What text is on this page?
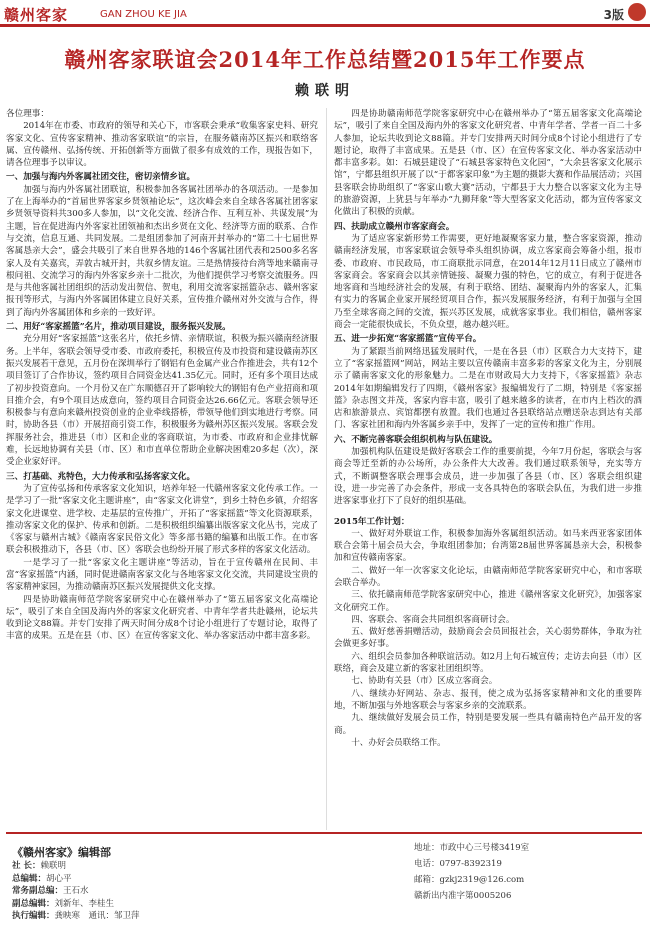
赣州客家	GAN ZHOU KE JIA	3版
赣州客家联谊会2014年工作总结暨2015年工作要点
赖联明

各位理事：

2014年在市委、市政府的领导和关心下，市客联会秉承“收集客家史料、研究客家文化、宣传客家精神、推动客家联谊”的宗旨，在服务赣南苏区振兴和联络客属、宣传赣州、弘扬传统、开拓创新等方面做了很多有成效的工作，现报告如下，请各位理事予以审议。

一、加强与海内外客属社团交往，密切亲情乡谊。

加强与海内外客属社团联谊，积极参加各客属社团举办的各项活动。一是参加了在上海举办的“首届世界客家乡贤领袖论坛”，这次峰会来自全球各客属社团客家乡贤领导资料共300多人参加，以“文化交流、经济合作、互利互补、共谋发展”为主题，旨在促进海内外客家社团领袖和杰出乡贤在文化、经济等方面的联系、合作与交流，信息互通、共同发展。二是组团参加了河南开封举办的“第二十七届世界客属恳亲大会”，盛会共吸引了来自世界各地的146个客属社团代表和2500多名客家人及有关嘉宾，弄敦古城开封，共叙乡情友谊。三是热情接待台湾等地来赣南寻根问祖、交流学习的海内外客家乡亲十二批次，为他们提供学习考察交流服务。四是与共他客属社团组织的活动发出贺信、贺电，利用交流客家摇篮杂志、赣州客家报刊等形式，与海内外客属团体建立良好关系，宣传推介赣州对外交流与合作，得到了海内外客属团体和乡亲的一致好评。

二、用好“客家摇篮”名片，推动项目建设，服务振兴发展。

充分用好“客家摇篮”这张名片，依托乡情、亲情联谊，积极为振兴赣南经济服务。上半年，客联会领导受市委、市政府委托，积极宣传及市投资和建设赣南苏区振兴发展若干意见，五月份在深圳举行了钢铝有色金属产业合作推进会，共有12个项目签订了合作协议，签约项目合同资金达41.35亿元。同时，还有多个项目达成了初步投资意向。一个月份又在广东顺德召开了影响较大的钢铝有色产业招商和项目推介会，有9个项目达成意向，签约项目合同资金达26.66亿元。客联会领导还积极参与有意向来赣州投资创业的企业牵线搭桥，带领导他们到实地进行考察。同时，协助各县（市）开展招商引资工作，积极服务为赣州苏区振兴发展。客联会发挥服务社会，推进县（市）区和企业的客商联谊，为市委、市政府和企业排忧解难，长远地协调有关县（市、区）和市直单位帮助企业解决困难20多起（次），深受企业家好评。

三、打基础、兆特色，大力传承和弘扬客家文化。

为了宣传弘扬和传承客家文化知识，培养年轻一代赣州客家文化传承工作。一是学习了一批“客家文化主题讲座”，由“客家文化讲堂”，到乡土特色乡镇，介绍客家文化进课堂、进学校、走基层的宣传推广，开拓了“客家摇篮”等文化资源联系，推动客家文化的保护、传承和创新。二是积极组织编纂出版客家文化丛书，完成了《客家与赣州古城》《赣南客家民俗文化》等多部书籍的编纂和出版工作。在市客联会积极推动下，各县（市、区）客联会也纷纷开展了形式多样的客家文化活动。

一是学习了一批“客家文化主题讲座”等活动，旨在于宣传赣州在民间、丰富“客家摇篮”内涵，同时促进赣南客家文化与各地客家文化交流，共同建设宝贵的客家精神家园，为推动赣南苏区振兴发展提供文化支撑。

四是协助赣南师范学院客家研究中心在赣州举办了“第五届客家文化高端论坛”，吸引了来自全国及海内外的客家文化研究者、中青年学者共赴赣州，论坛共收到论文88篇。并专门安排了两天时间分成8个讨论小组进行了专题讨论，取得了丰富的成果。五是在县（市、区）在宣传客家文化、举办客家活动中都丰富多彩。

四是协助赣南师范学院客家研究中心在赣州举办了“第五届客家文化高端论坛”，吸引了来自全国及海内外的客家文化研究者、中青年学者、学者一百二十多人参加，论坛共收到论文88篇。并专门安排两天时间分成8个讨论小组进行了专题讨论，取得了丰富成果。五是县（市、区）在宣传客家文化、举办客家活动中都丰富多彩。如：石城县建设了“石城县客家特色文化园”，“大余县客家文化展示馆”，宁都县组织开展了以“于都客家印象”为主题的摄影大赛和作品展活动；兴国县客联会协助组织了“客家山歌大赛”活动，宁都县于大力整合以客家文化为主导的旅游资源，上犹县与年举办“九狮拜象”等大型客家文化活动，都为宣传客家文化做出了积极的贡献。

四、扶助成立赣州市客家商会。

为了适应客家新形势工作需要，更好地凝聚客家力量，整合客家资源，推动赣南经济发展，市客家联谊会领导牵头组织协调，成立客家商会筹备小组，报市委、市政府、市民政局，市工商联批示同意，在2014年12月11日成立了赣州市客家商会。客家商会以其亲情链接、凝聚力强的特色，它的成立，有利于促进各地客商和当地经济社会的发展，有利于联络、团结、凝聚海内外的客家人，汇集有实力的客属企业家开展经贸项目合作，振兴发展服务经济，有利于加强与全国乃至全球客商之间的交流，振兴苏区发展，成就客家事业。我们相信，赣州客家商会一定能很快成长，不负众望，越办越兴旺。

五、进一步拓宽“客家摇篮”宣传平台。

为了紧跟当前网络迅猛发展时代，一是在各县（市）区联合力大支持下，建立了“客家摇篮网”网站，网站主要以宣传赣南丰富多彩的客家文化为主，分别展示了赣南客家文化的形象魅力。二是在市财政局大力支持下，《客家摇篮》杂志2014年如期编辑发行了四期，《赣州客家》报编辑发行了二期，特别是《客家摇篮》杂志图文并茂，客家内容丰富，吸引了越来越多的读者，在市内上档次的酒店和旅游景点、宾馆都摆有放置。我们也通过各县联络站点赠送杂志到达有关部门、客家社团和海内外客属乡亲手中，发挥了一定的宣传和推广作用。

六、不断完善客联会组织机构与队伍建设。

加强机构队伍建设是做好客联会工作的重要前提，今年7月份起，客联会与客商会等迁至新的办公场所，办公条件大大改善。我们通过联系领导，充实等方式，不断调整客联会理事会成员，进一步加强了各县（市、区）客联会组织建设，进一步完善了办会条件，形成一支各具特色的客联会队伍，为我们进一步推进客家事业打下了良好的组织基础。

2015年工作计划：

一、做好对外联谊工作，积极参加海外客属组织活动。如马来西亚客家团体联合会第十届会员大会，争取组团参加；台湾第28届世界客属恳亲大会，积极参加和宣传赣南客家。

二、做好一年一次客家文化论坛，由赣南师范学院客家研究中心，和市客联会联合举办。

三、依托赣南师范学院客家研究中心，推进《赣州客家文化研究》，加强客家文化研究工作。

四、客联会、客商会共同组织客商研讨会。

五、做好慈善捐赠活动，鼓励商会会员回报社会，关心弱势群体，争取为社会做更多好事。

六、组织会员参加各种联谊活动。如2月上旬石城宣传；走访去向县（市）区联络，商会及建立新的客家社团组织等。

七、协助有关县（市）区成立客商会。

八、继续办好网站、杂志、报刊，使之成为弘扬客家精神和文化的重要阵地，不断加强与外地客联会与客家乡亲的交流联系。

九、继续做好发展会员工作，特别是要发展一些具有赣南特色产品开发的客商。

十、办好会员联络工作。

《赣州客家》编辑部
社 长：赖联明
总编辑：胡心平
常务副总编：王石水
副总编辑：刘新年、李桂生
执行编辑：龚映寒　通讯：邹卫萍
地址：市政中心三号楼3419室
电话：0797-8392319
邮箱：gzkj2319@126.com
赣新出内准字第0005206
